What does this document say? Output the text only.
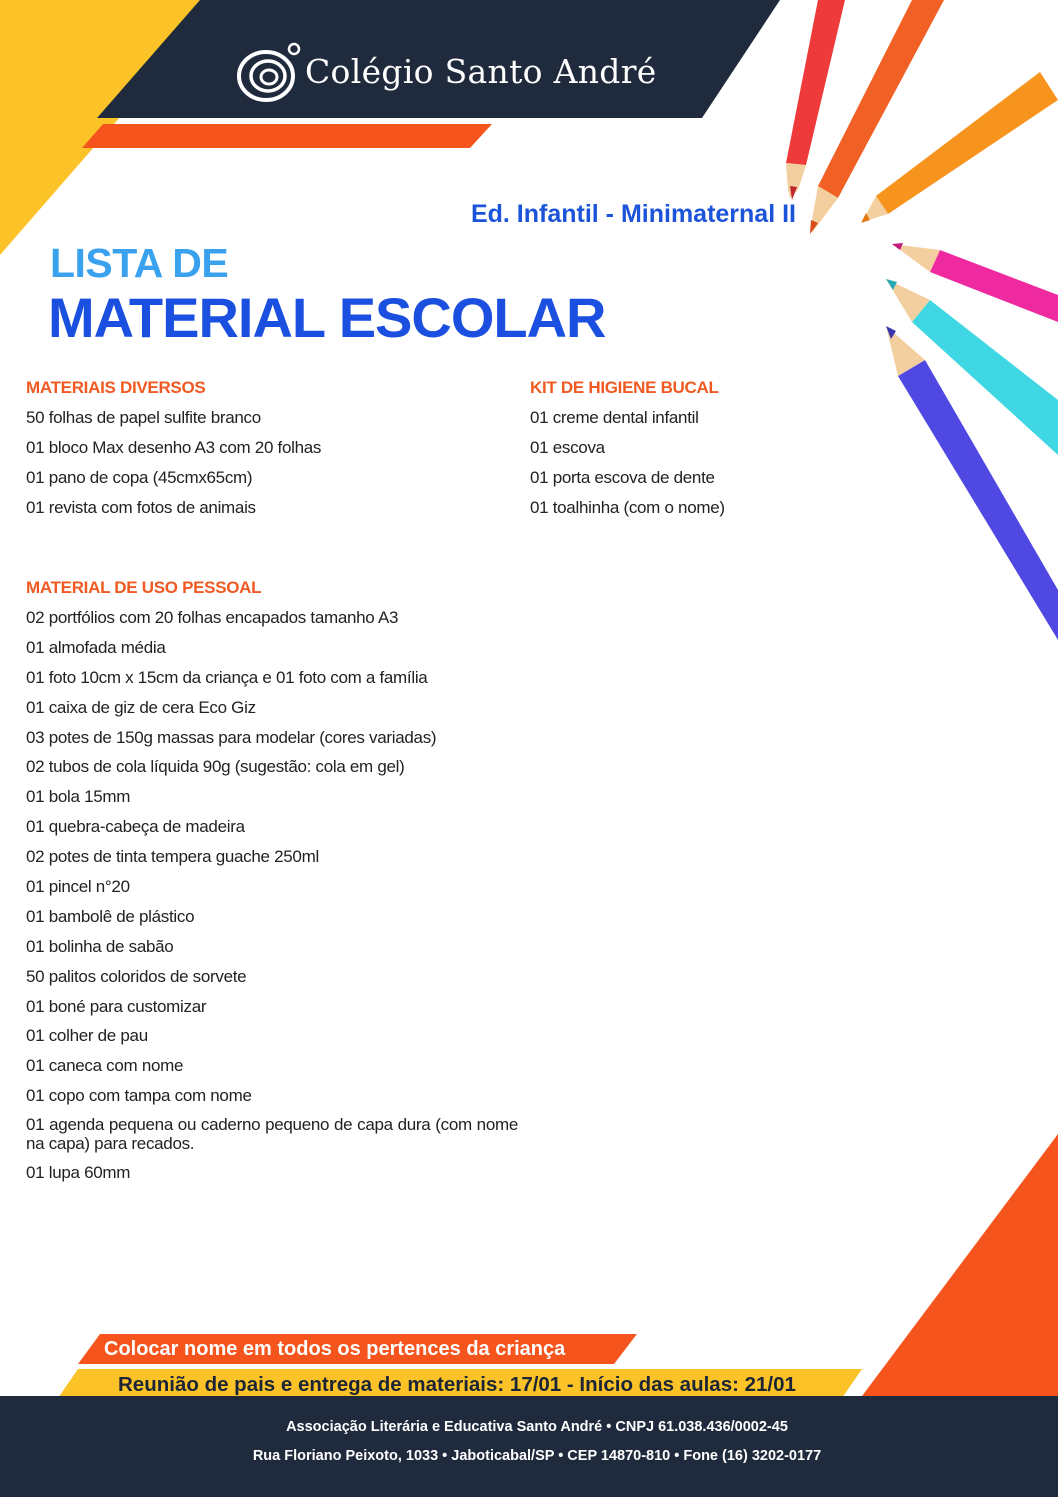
Colégio Santo André
Ed. Infantil - Minimaternal II
LISTA DE
MATERIAL ESCOLAR
MATERIAIS DIVERSOS
50 folhas de papel sulfite branco
01 bloco Max desenho A3 com 20 folhas
01 pano de copa (45cmx65cm)
01 revista com fotos de animais
KIT DE HIGIENE BUCAL
01 creme dental infantil
01 escova
01 porta escova de dente
01 toalhinha (com o nome)
MATERIAL DE USO PESSOAL
02 portfólios com 20 folhas encapados tamanho A3
01 almofada média
01 foto 10cm x 15cm da criança e 01 foto com a família
01 caixa de giz de cera Eco Giz
03 potes de 150g massas para modelar (cores variadas)
02 tubos de cola líquida 90g (sugestão: cola em gel)
01 bola 15mm
01 quebra-cabeça de madeira
02 potes de tinta tempera guache 250ml
01 pincel n°20
01 bambolê de plástico
01 bolinha de sabão
50 palitos coloridos de sorvete
01 boné para customizar
01 colher de pau
01 caneca com nome
01 copo com tampa com nome
01 agenda pequena ou caderno pequeno de capa dura (com nome na capa) para recados.
01 lupa 60mm
Colocar nome em todos os pertences da criança
Reunião de pais e entrega de materiais: 17/01 - Início das aulas: 21/01
Associação Literária e Educativa Santo André • CNPJ 61.038.436/0002-45
Rua Floriano Peixoto, 1033 • Jaboticabal/SP • CEP 14870-810 • Fone (16) 3202-0177
